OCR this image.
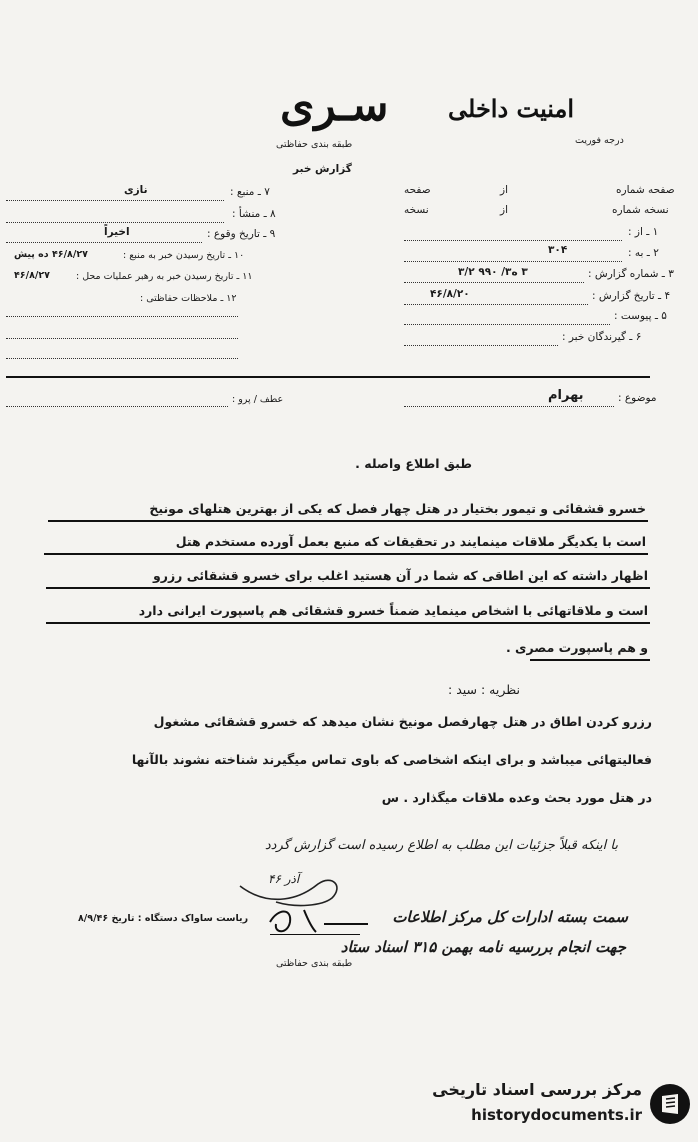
سـری امنیت داخلی
درجه فوریت
طبقه بندی حفاظتی
گزارش خبر
۷ ـ منبع :
نازی
۸ ـ منشأ :
۹ ـ تاریخ وقوع :
اخیراً
۱۰ ـ تاریخ رسیدن خبر به منبع :
۴۶/۸/۲۷ ده پیش
۱۱ ـ تاریخ رسیدن خبر به رهبر عملیات محل :
۴۶/۸/۲۷
۱۲ ـ ملاحظات حفاظتی :
صفحه شماره
از
صفحه
نسخه شماره
از
نسخه
۱ ـ از :
۲ ـ به :
۳۰۴
۳ ـ شماره گزارش :
۳ ه۳/ ۹۹۰ ۳/۲
۴ ـ تاریخ گزارش :
۴۶/۸/۲۰
۵ ـ پیوست :
۶ ـ گیرندگان خبر :
موضوع :
بهرام
عطف / پرو :
طبق اطلاع واصله .
خسرو قشقائی و تیمور بختیار در هتل چهار فصل که یکی از بهترین هتلهای مونیخ
است با یکدیگر ملاقات مینمایند در تحقیقات که منبع بعمل آورده مستخدم هتل
اظهار داشته که این اطاقی که شما در آن هستید اغلب برای خسرو قشقائی رزرو
است و ملاقاتهائی با اشخاص مینماید ضمناً خسرو قشقائی هم پاسپورت ایرانی دارد
و هم پاسپورت مصری .
نظریه : سید :
رزرو کردن اطاق در هتل چهارفصل مونیخ نشان میدهد که خسرو قشقائی مشغول
فعالیتهائی میباشد و برای اینکه اشخاصی که باوی تماس میگیرند شناخته نشوند بالآنها
در هتل مورد بحث وعده ملاقات میگذارد . س
با اینکه قبلاً جزئیات این مطلب به اطلاع رسیده است گزارش گردد
آذر ۴۶
سمت بسته ادارات کل مرکز اطلاعات
جهت انجام بررسیه نامه بهمن ۳۱۵ اسناد ستاد
ریاست ساواک دستگاه : تاریخ ۸/۹/۴۶
طبقه بندی حفاظتی
مرکز بررسی اسناد تاریخی
historydocuments.ir
